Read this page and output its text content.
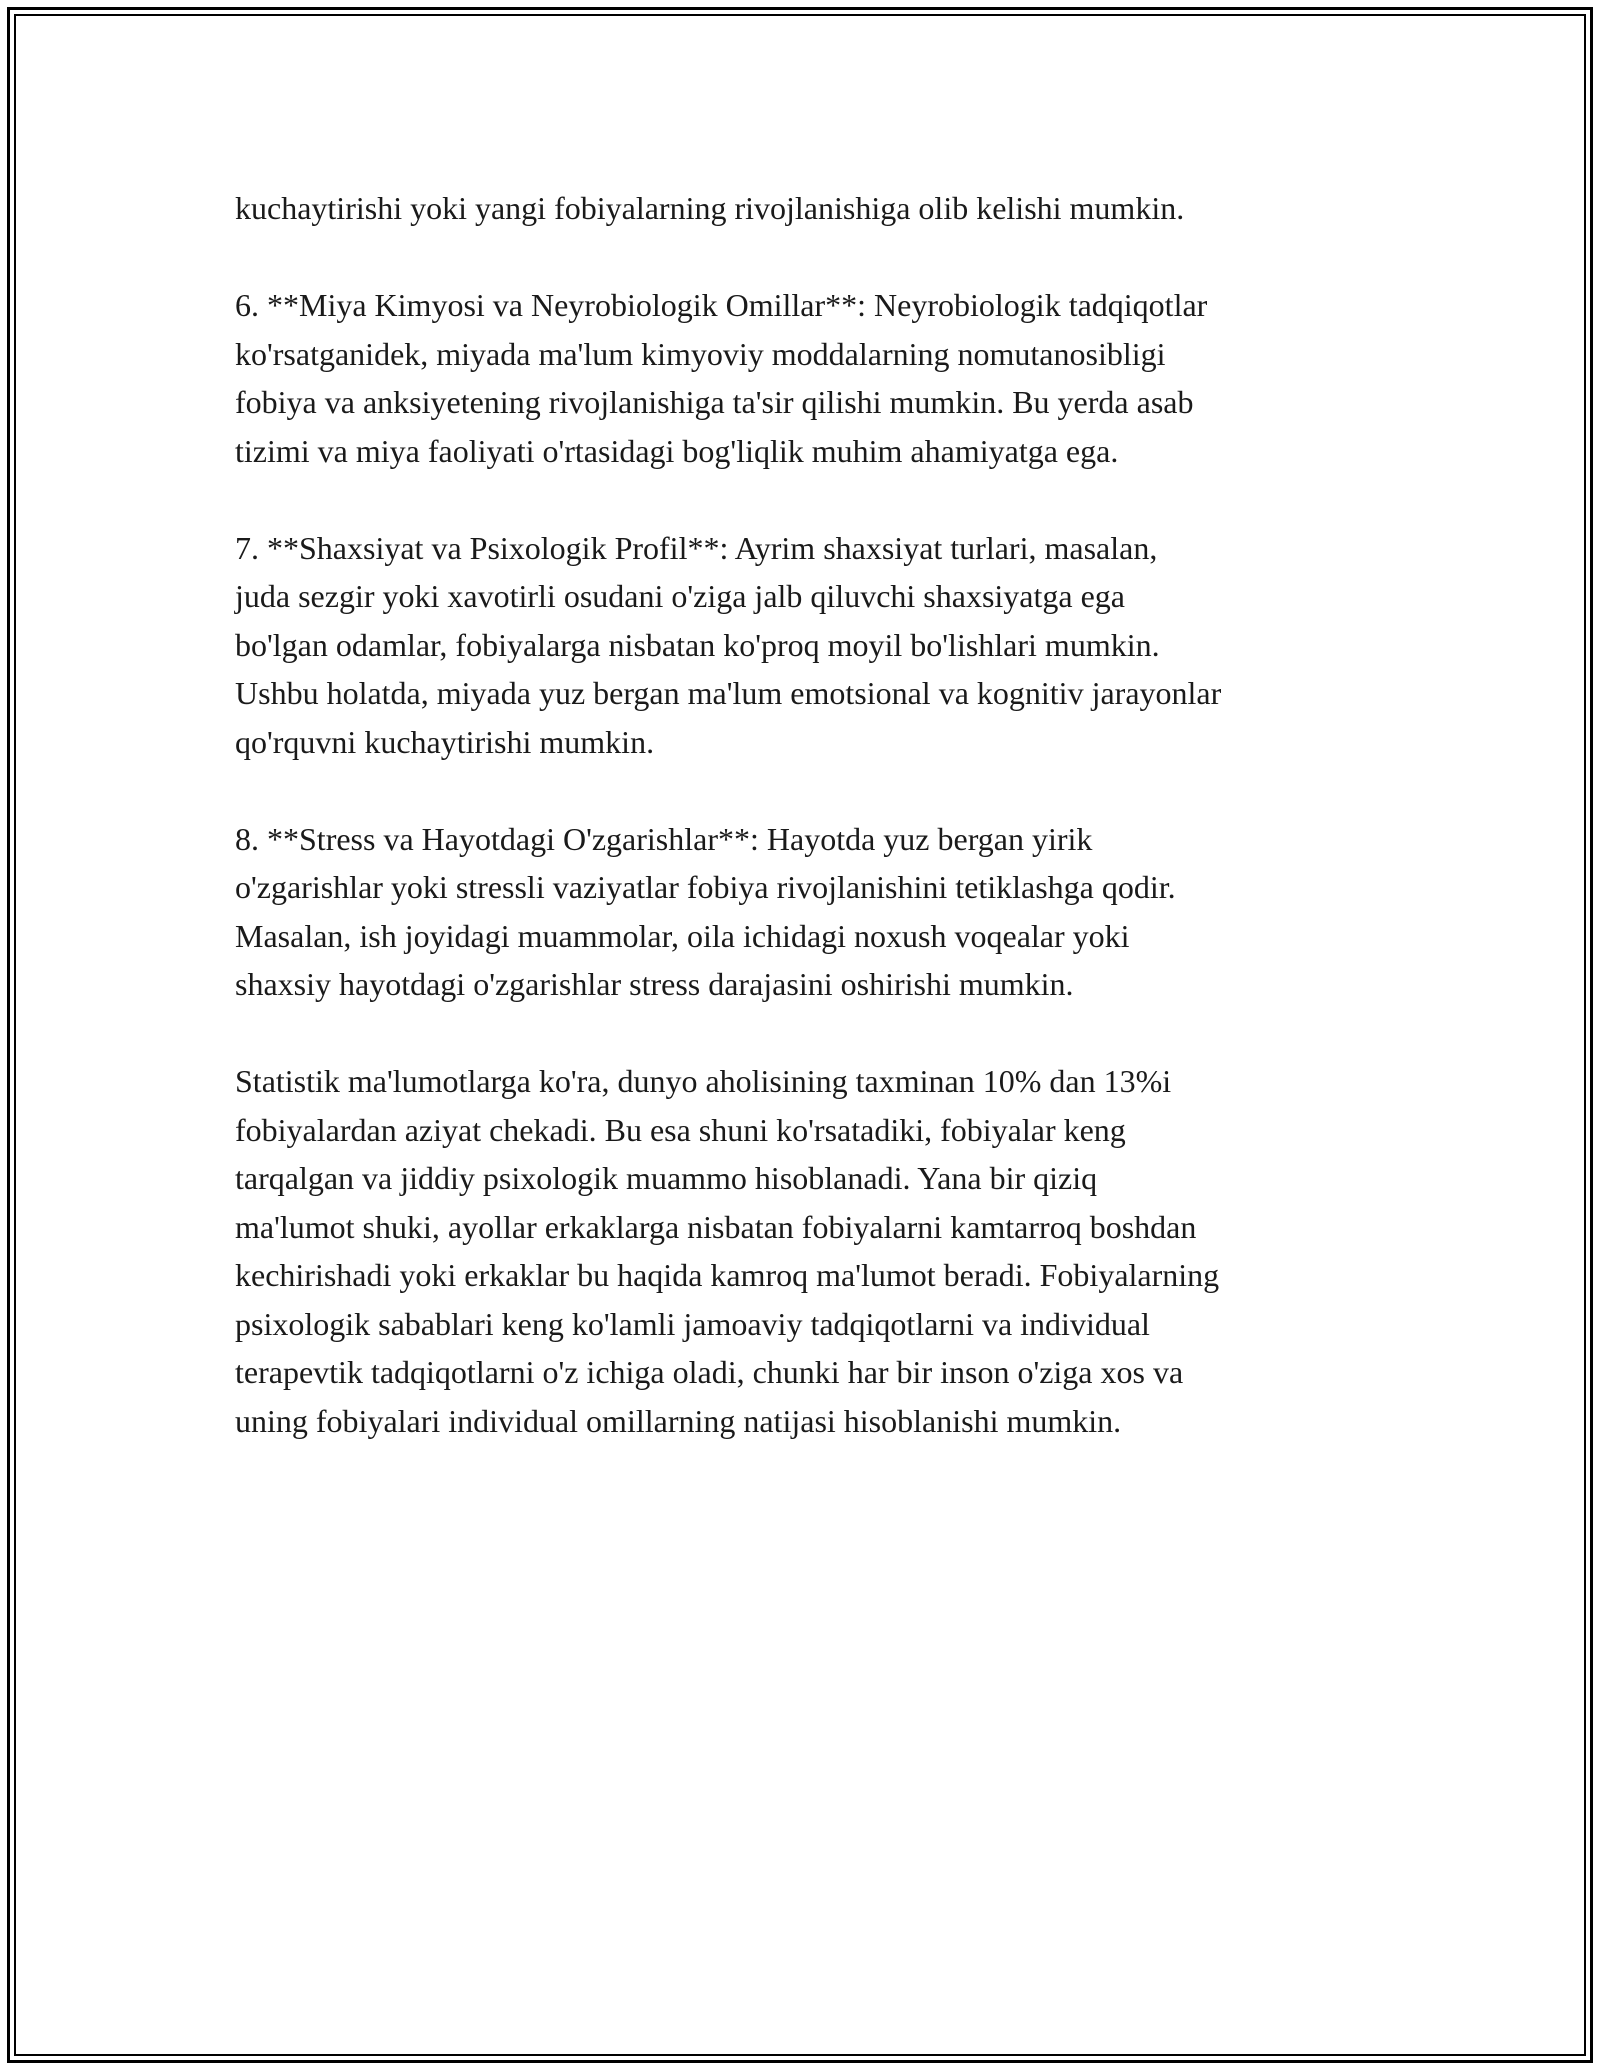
kuchaytirishi yoki yangi fobiyalarning rivojlanishiga olib kelishi mumkin.

6. **Miya Kimyosi va Neyrobiologik Omillar**: Neyrobiologik tadqiqotlar
ko'rsatganidek, miyada ma'lum kimyoviy moddalarning nomutanosibligi
fobiya va anksiyetening rivojlanishiga ta'sir qilishi mumkin. Bu yerda asab
tizimi va miya faoliyati o'rtasidagi bog'liqlik muhim ahamiyatga ega.

7. **Shaxsiyat va Psixologik Profil**: Ayrim shaxsiyat turlari, masalan,
juda sezgir yoki xavotirli osudani o'ziga jalb qiluvchi shaxsiyatga ega
bo'lgan odamlar, fobiyalarga nisbatan ko'proq moyil bo'lishlari mumkin.
Ushbu holatda, miyada yuz bergan ma'lum emotsional va kognitiv jarayonlar
qo'rquvni kuchaytirishi mumkin.

8. **Stress va Hayotdagi O'zgarishlar**: Hayotda yuz bergan yirik
o'zgarishlar yoki stressli vaziyatlar fobiya rivojlanishini tetiklashga qodir.
Masalan, ish joyidagi muammolar, oila ichidagi noxush voqealar yoki
shaxsiy hayotdagi o'zgarishlar stress darajasini oshirishi mumkin.

Statistik ma'lumotlarga ko'ra, dunyo aholisining taxminan 10% dan 13%i
fobiyalardan aziyat chekadi. Bu esa shuni ko'rsatadiki, fobiyalar keng
tarqalgan va jiddiy psixologik muammo hisoblanadi. Yana bir qiziq
ma'lumot shuki, ayollar erkaklarga nisbatan fobiyalarni kamtarroq boshdan
kechirishadi yoki erkaklar bu haqida kamroq ma'lumot beradi. Fobiyalarning
psixologik sabablari keng ko'lamli jamoaviy tadqiqotlarni va individual
terapevtik tadqiqotlarni o'z ichiga oladi, chunki har bir inson o'ziga xos va
uning fobiyalari individual omillarning natijasi hisoblanishi mumkin.
